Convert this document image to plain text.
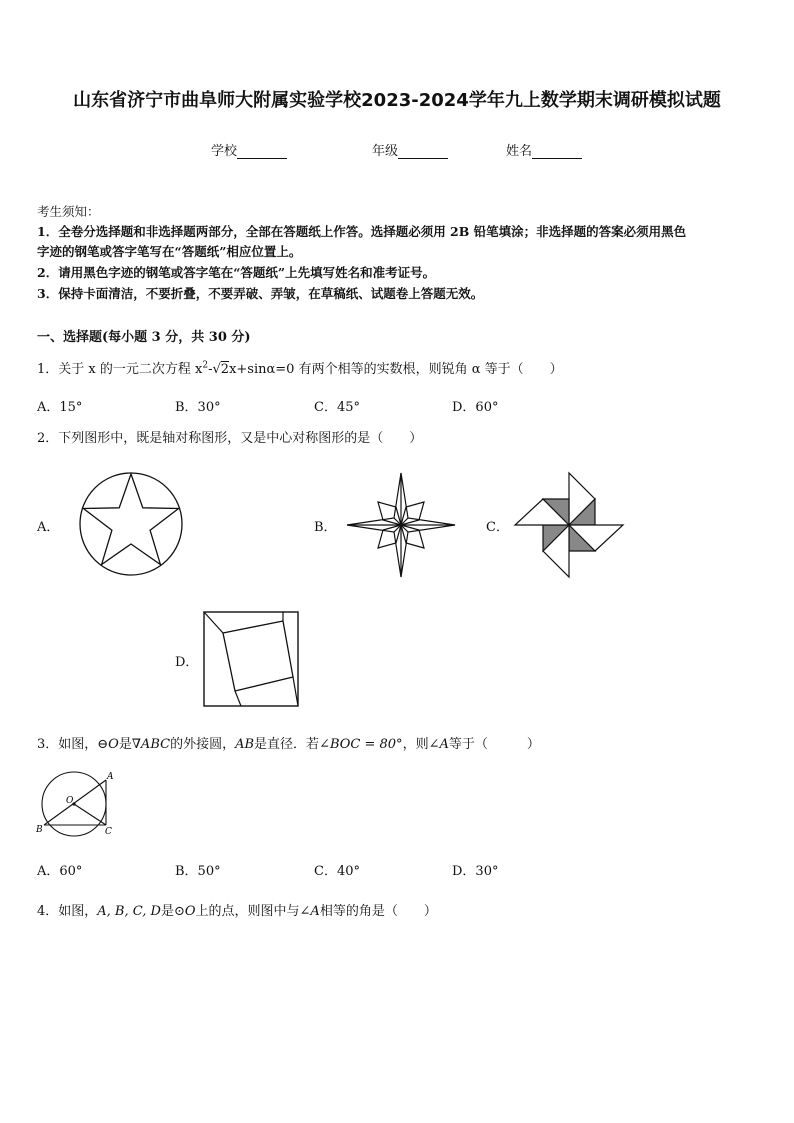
山东省济宁市曲阜师大附属实验学校2023-2024学年九上数学期末调研模拟试题
学校	年级	姓名
考生须知：
1．全卷分选择题和非选择题两部分，全部在答题纸上作答。选择题必须用 2B 铅笔填涂；非选择题的答案必须用黑色
字迹的钢笔或答字笔写在“答题纸”相应位置上。
2．请用黑色字迹的钢笔或答字笔在“答题纸”上先填写姓名和准考证号。
3．保持卡面清洁，不要折叠，不要弄破、弄皱，在草稿纸、试题卷上答题无效。
一、选择题(每小题 3 分，共 30 分)
1．关于 x 的一元二次方程 $x^2-√2x+\sin\alpha=0$ 有两个相等的实数根，则锐角 α 等于（　　）
A．15°	B．30°	C．45°	D．60°
2．下列图形中，既是轴对称图形，又是中心对称图形的是（　　）
A．	B．	C．
D．
3．如图，⊖O是∇ABC的外接圆，AB是直径．若∠BOC = 80°，则∠A等于（　　　）
A
B	C
O
A．60°	B．50°	C．40°	D．30°
4．如图，A, B, C, D是⊙O上的点，则图中与∠A相等的角是（　　）
